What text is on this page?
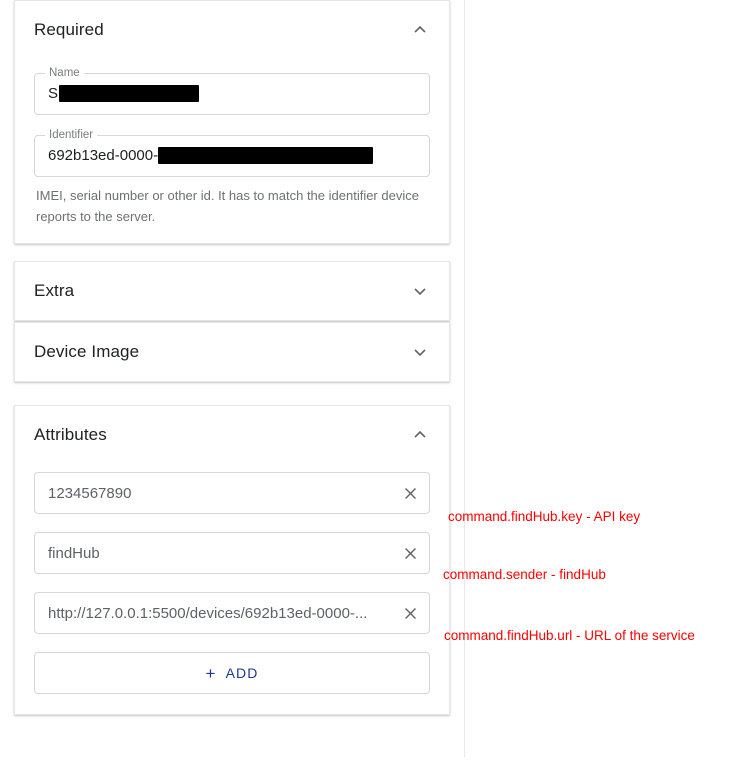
Required
Name
S
Identifier
692b13ed-0000-
IMEI, serial number or other id. It has to match the identifier device reports to the server.
Extra
Device Image
Attributes
1234567890
findHub
http://127.0.0.1:5500/devices/692b13ed-0000-...
+ ADD
command.findHub.key - API key
command.sender - findHub
command.findHub.url - URL of the service
